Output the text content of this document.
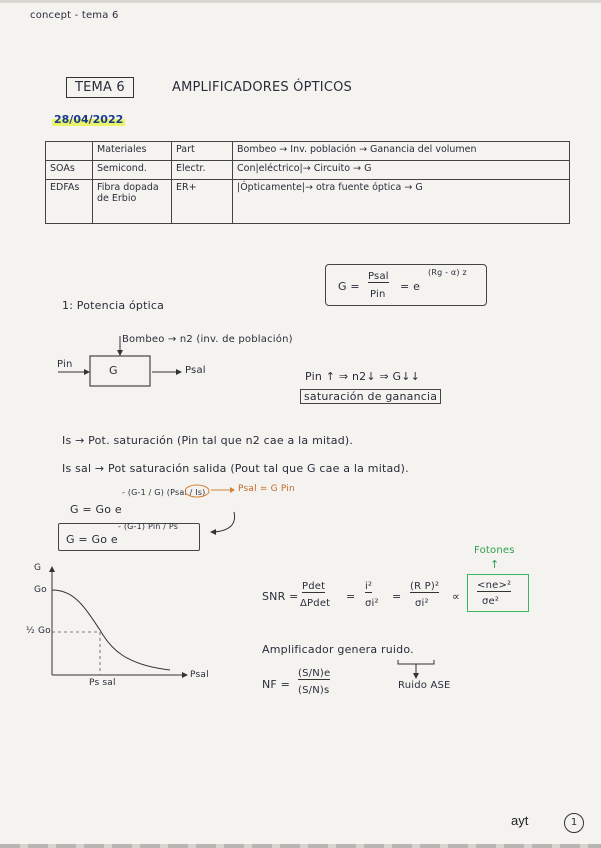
concept - tema 6
TEMA 6	AMPLIFICADORES ÓPTICOS
28/04/2022
	Materiales	Part	Bombeo → Inv. población → Ganancia del volumen
SOAs	Semicond.	Electr.	Con|eléctrico|→ Circuito → G
EDFAs	Fibra dopada de Erbio	ER+	|Ópticamente|→ otra fuente óptica → G
G =
Psal
Pin
= e
(Rg - α) z
1: Potencia óptica
Bombeo → n2 (inv. de población)
Pin	G	Psal	Pin ↑ ⇒ n2↓ ⇒ G↓↓
saturación de ganancia
Is → Pot. saturación (Pin tal que n2 cae a la mitad).
Is sal → Pot saturación salida (Pout tal que G cae a la mitad).
G = Go e
- (G-1 / G) (Psal / Is)	Psal = G Pin
G = Go e
- (G-1) Pin / Ps
G
Go
½ Go
Psal
Ps sal
Fotones
↑
SNR =
Pdet
ΔPdet
=
i²
σi²
=
(R P)²
σi²
∝
<ne>²
σe²
Amplificador genera ruido.
NF =
(S/N)e
(S/N)s	Ruido ASE
ayt	1
